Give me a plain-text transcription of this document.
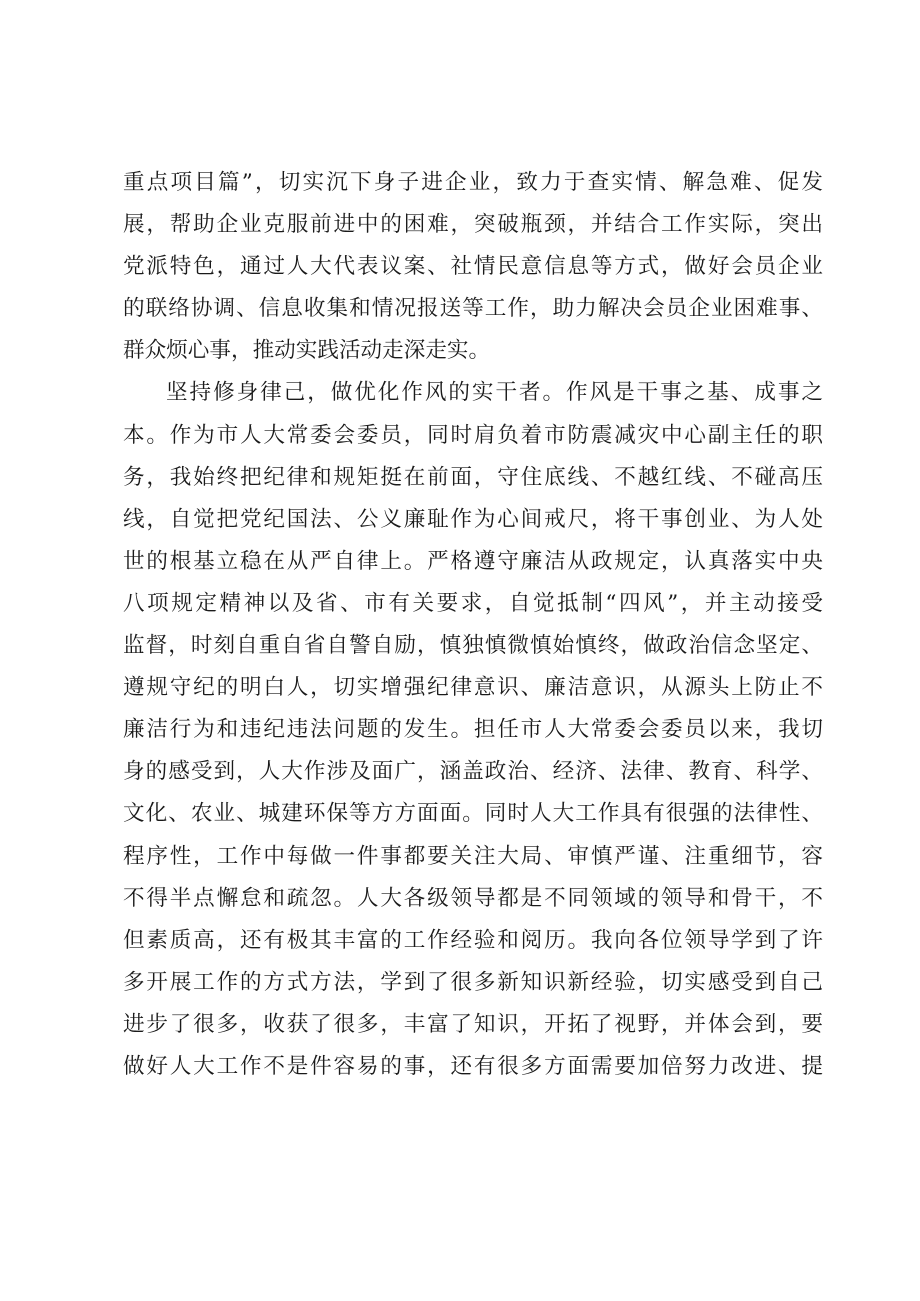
重点项目篇”，切实沉下身子进企业，致力于查实情、解急难、促发
展，帮助企业克服前进中的困难，突破瓶颈，并结合工作实际，突出
党派特色，通过人大代表议案、社情民意信息等方式，做好会员企业
的联络协调、信息收集和情况报送等工作，助力解决会员企业困难事、
群众烦心事，推动实践活动走深走实。
坚持修身律己，做优化作风的实干者。作风是干事之基、成事之
本。作为市人大常委会委员，同时肩负着市防震减灾中心副主任的职
务，我始终把纪律和规矩挺在前面，守住底线、不越红线、不碰高压
线，自觉把党纪国法、公义廉耻作为心间戒尺，将干事创业、为人处
世的根基立稳在从严自律上。严格遵守廉洁从政规定，认真落实中央
八项规定精神以及省、市有关要求，自觉抵制“四风”，并主动接受
监督，时刻自重自省自警自励，慎独慎微慎始慎终，做政治信念坚定、
遵规守纪的明白人，切实增强纪律意识、廉洁意识，从源头上防止不
廉洁行为和违纪违法问题的发生。担任市人大常委会委员以来，我切
身的感受到，人大作涉及面广，涵盖政治、经济、法律、教育、科学、
文化、农业、城建环保等方方面面。同时人大工作具有很强的法律性、
程序性，工作中每做一件事都要关注大局、审慎严谨、注重细节，容
不得半点懈怠和疏忽。人大各级领导都是不同领域的领导和骨干，不
但素质高，还有极其丰富的工作经验和阅历。我向各位领导学到了许
多开展工作的方式方法，学到了很多新知识新经验，切实感受到自己
进步了很多，收获了很多，丰富了知识，开拓了视野，并体会到，要
做好人大工作不是件容易的事，还有很多方面需要加倍努力改进、提
